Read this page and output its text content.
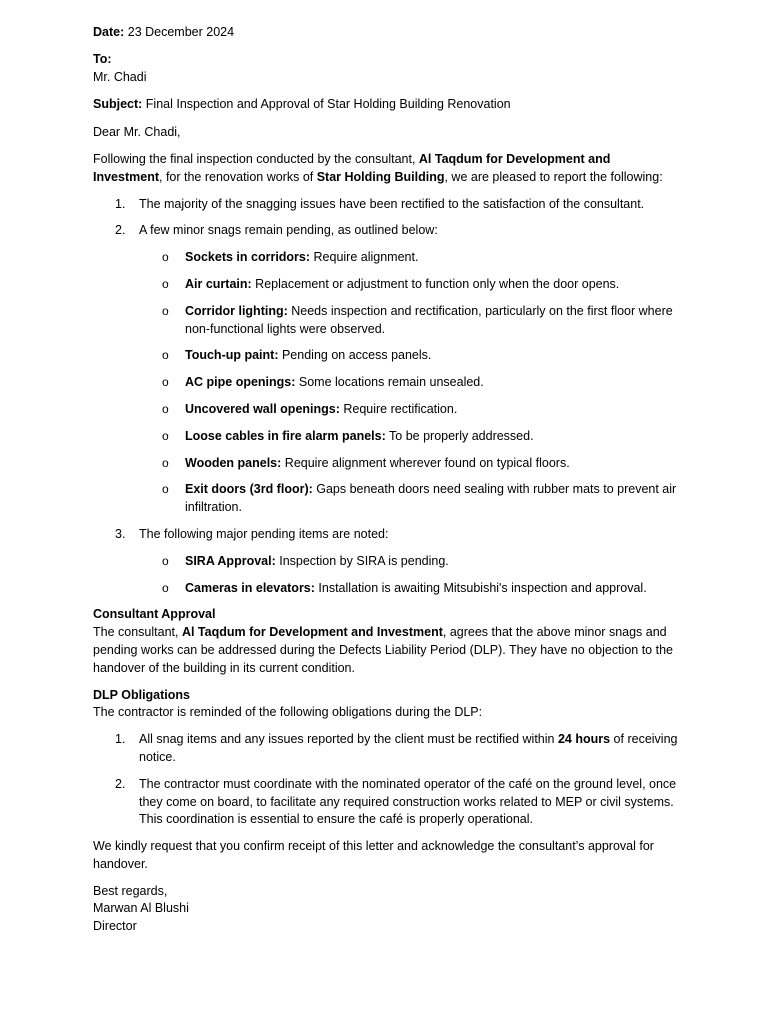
Date: 23 December 2024

To:

Mr. Chadi

Subject: Final Inspection and Approval of Star Holding Building Renovation

Dear Mr. Chadi,

Following the final inspection conducted by the consultant, Al Taqdum for Development and Investment, for the renovation works of Star Holding Building, we are pleased to report the following:

1. The majority of the snagging issues have been rectified to the satisfaction of the consultant.
2. A few minor snags remain pending, as outlined below:
o Sockets in corridors: Require alignment.
o Air curtain: Replacement or adjustment to function only when the door opens.
o Corridor lighting: Needs inspection and rectification, particularly on the first floor where non-functional lights were observed.
o Touch-up paint: Pending on access panels.
o AC pipe openings: Some locations remain unsealed.
o Uncovered wall openings: Require rectification.
o Loose cables in fire alarm panels: To be properly addressed.
o Wooden panels: Require alignment wherever found on typical floors.
o Exit doors (3rd floor): Gaps beneath doors need sealing with rubber mats to prevent air infiltration.
3. The following major pending items are noted:
o SIRA Approval: Inspection by SIRA is pending.
o Cameras in elevators: Installation is awaiting Mitsubishi's inspection and approval.

Consultant Approval

The consultant, Al Taqdum for Development and Investment, agrees that the above minor snags and pending works can be addressed during the Defects Liability Period (DLP). They have no objection to the handover of the building in its current condition.

DLP Obligations

The contractor is reminded of the following obligations during the DLP:

1. All snag items and any issues reported by the client must be rectified within 24 hours of receiving notice.
2. The contractor must coordinate with the nominated operator of the café on the ground level, once they come on board, to facilitate any required construction works related to MEP or civil systems. This coordination is essential to ensure the café is properly operational.

We kindly request that you confirm receipt of this letter and acknowledge the consultant’s approval for handover.

Best regards,

Marwan Al Blushi

Director
